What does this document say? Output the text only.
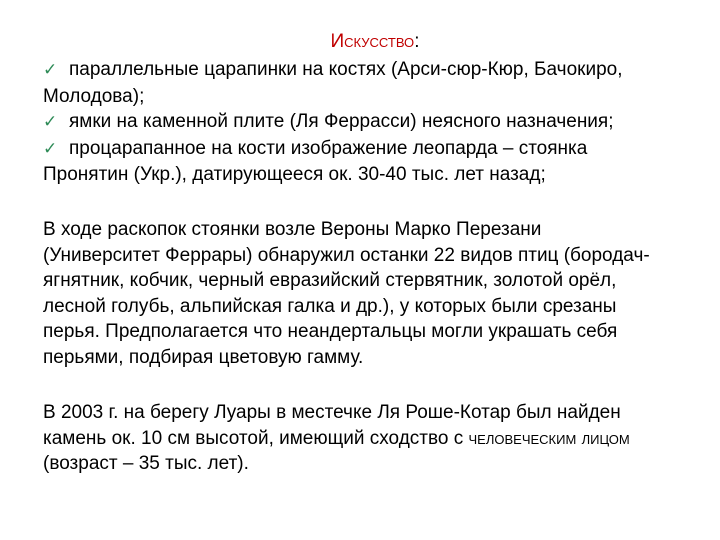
Искусство:

✓ параллельные царапинки на костях (Арси-сюр-Кюр, Бачокиро,
Молодова);

✓ ямки на каменной плите (Ля Феррасси) неясного назначения;

✓ процарапанное на кости изображение леопарда – стоянка
Пронятин (Укр.), датирующееся ок. 30-40 тыс. лет назад;

В ходе раскопок стоянки возле Вероны Марко Перезани
(Университет Феррары) обнаружил останки 22 видов птиц (бородач-
ягнятник, кобчик, черный евразийский стервятник, золотой орёл,
лесной голубь, альпийская галка и др.), у которых были срезаны
перья. Предполагается что неандертальцы могли украшать себя
перьями, подбирая цветовую гамму.

В 2003 г. на берегу Луары в местечке Ля Роше-Котар был найден
камень ок. 10 см высотой, имеющий сходство с человеческим лицом
(возраст – 35 тыс. лет).
